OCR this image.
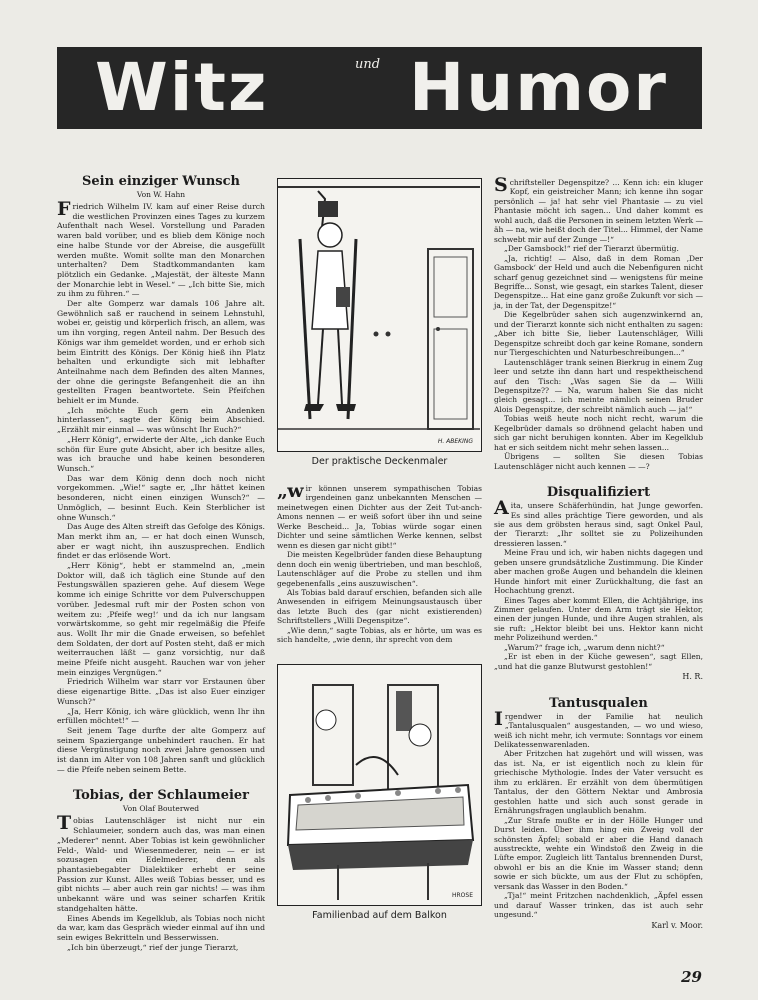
Witz	und Humor
Sein einziger Wunsch
Von W. Hahn

Friedrich Wilhelm IV. kam auf einer Reise durch die westlichen Provinzen eines Tages zu kurzem Aufenthalt nach Wesel. Vorstellung und Paraden waren bald vorüber, und es blieb dem Könige noch eine halbe Stunde vor der Abreise, die ausgefüllt werden mußte. Womit sollte man den Monarchen unterhalten? Dem Stadtkommandanten kam plötzlich ein Gedanke. „Majestät, der älteste Mann der Monarchie lebt in Wesel.“ — „Ich bitte Sie, mich zu ihm zu führen.“ —

Der alte Gomperz war damals 106 Jahre alt. Gewöhnlich saß er rauchend in seinem Lehnstuhl, wobei er, geistig und körperlich frisch, an allem, was um ihn vorging, regen Anteil nahm. Der Besuch des Königs war ihm gemeldet worden, und er erhob sich beim Eintritt des Königs. Der König hieß ihn Platz behalten und erkundigte sich mit lebhafter Anteilnahme nach dem Befinden des alten Mannes, der ohne die geringste Befangenheit die an ihn gestellten Fragen beantwortete. Sein Pfeifchen behielt er im Munde.

„Ich möchte Euch gern ein Andenken hinterlassen“, sagte der König beim Abschied. „Erzählt mir einmal — was wünscht Ihr Euch?“

„Herr König“, erwiderte der Alte, „ich danke Euch schön für Eure gute Absicht, aber ich besitze alles, was ich brauche und habe keinen besonderen Wunsch.“

Das war dem König denn doch noch nicht vorgekommen. „Wie!“ sagte er, „Ihr hättet keinen besonderen, nicht einen einzigen Wunsch?“ — Unmöglich, — besinnt Euch. Kein Sterblicher ist ohne Wunsch.“

Das Auge des Alten streift das Gefolge des Königs. Man merkt ihm an, — er hat doch einen Wunsch, aber er wagt nicht, ihn auszusprechen. Endlich findet er das erlösende Wort.

„Herr König“, hebt er stammelnd an, „mein Doktor will, daß ich täglich eine Stunde auf den Festungswällen spazieren gehe. Auf diesem Wege komme ich einige Schritte vor dem Pulverschuppen vorüber. Jedesmal ruft mir der Posten schon von weitem zu: ‚Pfeife weg!‘ und da ich nur langsam vorwärtskomme, so geht mir regelmäßig die Pfeife aus. Wollt Ihr mir die Gnade erweisen, so befehlet dem Soldaten, der dort auf Posten steht, daß er mich weiterrauchen läßt — ganz vorsichtig, nur daß meine Pfeife nicht ausgeht. Rauchen war von jeher mein einziges Vergnügen.“

Friedrich Wilhelm war starr vor Erstaunen über diese eigenartige Bitte. „Das ist also Euer einziger Wunsch?“

„Ja, Herr König, ich wäre glücklich, wenn Ihr ihn erfüllen möchtet!“ —

Seit jenem Tage durfte der alte Gomperz auf seinem Spaziergange unbehindert rauchen. Er hat diese Vergünstigung noch zwei Jahre genossen und ist dann im Alter von 108 Jahren sanft und glücklich — die Pfeife neben seinem Bette.

Tobias, der Schlaumeier
Von Olaf Bouterwed

Tobias Lautenschläger ist nicht nur ein Schlaumeier, sondern auch das, was man einen „Mederer“ nennt. Aber Tobias ist kein gewöhnlicher Feld-, Wald- und Wiesenmederer, nein — er ist sozusagen ein Edelmederer, denn als phantasiebegabter Dialektiker erhebt er seine Passion zur Kunst. Alles weiß Tobias besser, und es gibt nichts — aber auch rein gar nichts! — was ihm unbekannt wäre und was seiner scharfen Kritik standgehalten hätte.

Eines Abends im Kegelklub, als Tobias noch nicht da war, kam das Gespräch wieder einmal auf ihn und sein ewiges Bekritteln und Besserwissen.

„Ich bin überzeugt,“ rief der junge Tierarzt,

H. ABEKING
Der praktische Deckenmaler

„wir können unserem sympathischen Tobias irgendeinen ganz unbekannten Menschen — meinetwegen einen Dichter aus der Zeit Tut-anch-Amons nennen — er weiß sofort über ihn und seine Werke Bescheid... Ja, Tobias würde sogar einen Dichter und seine sämtlichen Werke kennen, selbst wenn es diesen gar nicht gibt!“

Die meisten Kegelbrüder fanden diese Behauptung denn doch ein wenig übertrieben, und man beschloß, Lautenschläger auf die Probe zu stellen und ihm gegebenenfalls „eins auszuwischen“.

Als Tobias bald darauf erschien, befanden sich alle Anwesenden in eifrigem Meinungsaustausch über das letzte Buch des (gar nicht existierenden) Schriftstellers „Willi Degenspitze“.

„Wie denn,“ sagte Tobias, als er hörte, um was es sich handelte, „wie denn, ihr sprecht von dem

HROSE
Familienbad auf dem Balkon

Schriftsteller Degenspitze? ... Kenn ich: ein kluger Kopf, ein geistreicher Mann; ich kenne ihn sogar persönlich — ja! hat sehr viel Phantasie — zu viel Phantasie möcht ich sagen... Und daher kommt es wohl auch, daß die Personen in seinem letzten Werk — äh — na, wie heißt doch der Titel... Himmel, der Name schwebt mir auf der Zunge —!“

„Der Gamsbock!“ rief der Tierarzt übermütig.

„Ja, richtig! — Also, daß in dem Roman ‚Der Gamsbock‘ der Held und auch die Nebenfiguren nicht scharf genug gezeichnet sind — wenigstens für meine Begriffe... Sonst, wie gesagt, ein starkes Talent, dieser Degenspitze... Hat eine ganz große Zukunft vor sich — ja, in der Tat, der Degenspitze!“

Die Kegelbrüder sahen sich augenzwinkernd an, und der Tierarzt konnte sich nicht enthalten zu sagen: „Aber ich bitte Sie, lieber Lautenschläger, Willi Degenspitze schreibt doch gar keine Romane, sondern nur Tiergeschichten und Naturbeschreibungen...“

Lautenschläger trank seinen Bierkrug in einem Zug leer und setzte ihn dann hart und respektheischend auf den Tisch: „Was sagen Sie da — Willi Degenspitze?? — Na, warum haben Sie das nicht gleich gesagt... ich meinte nämlich seinen Bruder Alois Degenspitze, der schreibt nämlich auch — ja!“

Tobias weiß heute noch nicht recht, warum die Kegelbrüder damals so dröhnend gelacht haben und sich gar nicht beruhigen konnten. Aber im Kegelklub hat er sich seitdem nicht mehr sehen lassen...

Übrigens — sollten Sie diesen Tobias Lautenschläger nicht auch kennen — —?

Disqualifiziert

Aita, unsere Schäferhündin, hat Junge geworfen. Es sind alles prächtige Tiere geworden, und als sie aus dem gröbsten heraus sind, sagt Onkel Paul, der Tierarzt: „Ihr solltet sie zu Polizeihunden dressieren lassen.“

Meine Frau und ich, wir haben nichts dagegen und geben unsere grundsätzliche Zustimmung. Die Kinder aber machen große Augen und behandeln die kleinen Hunde hinfort mit einer Zurückhaltung, die fast an Hochachtung grenzt.

Eines Tages aber kommt Ellen, die Achtjährige, ins Zimmer gelaufen. Unter dem Arm trägt sie Hektor, einen der jungen Hunde, und ihre Augen strahlen, als sie ruft: „Hektor bleibt bei uns. Hektor kann nicht mehr Polizeihund werden.“

„Warum?“ frage ich, „warum denn nicht?“

„Er ist eben in der Küche gewesen“, sagt Ellen, „und hat die ganze Blutwurst gestohlen!“

H. R.
Tantusqualen

Irgendwer in der Familie hat neulich „Tantalusqualen“ ausgestanden, — wo und wieso, weiß ich nicht mehr, ich vermute: Sonntags vor einem Delikatessenwarenladen.

Aber Fritzchen hat zugehört und will wissen, was das ist. Na, er ist eigentlich noch zu klein für griechische Mythologie. Indes der Vater versucht es ihm zu erklären. Er erzählt von dem übermütigen Tantalus, der den Göttern Nektar und Ambrosia gestohlen hatte und sich auch sonst gerade in Ernährungsfragen unglaublich benahm.

„Zur Strafe mußte er in der Hölle Hunger und Durst leiden. Über ihm hing ein Zweig voll der schönsten Äpfel; sobald er aber die Hand danach ausstreckte, wehte ein Windstoß den Zweig in die Lüfte empor. Zugleich litt Tantalus brennenden Durst, obwohl er bis an die Knie im Wasser stand; denn sowie er sich bückte, um aus der Flut zu schöpfen, versank das Wasser in den Boden.“

„Tja!“ meint Fritzchen nachdenklich, „Äpfel essen und darauf Wasser trinken, das ist auch sehr ungesund.“

Karl v. Moor.
29
